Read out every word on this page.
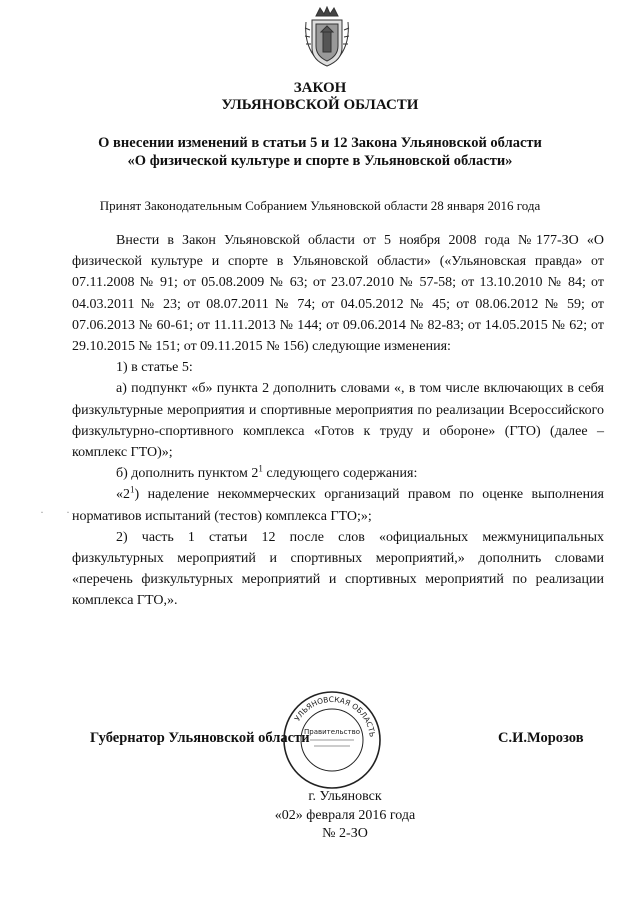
ЗАКОН
УЛЬЯНОВСКОЙ ОБЛАСТИ
О внесении изменений в статьи 5 и 12 Закона Ульяновской области
«О физической культуре и спорте в Ульяновской области»
Принят Законодательным Собранием Ульяновской области 28 января 2016 года

Внести в Закон Ульяновской области от 5 ноября 2008 года №177-ЗО «О физической культуре и спорте в Ульяновской области» («Ульяновская правда» от 07.11.2008 № 91; от 05.08.2009 № 63; от 23.07.2010 № 57-58; от 13.10.2010 № 84; от 04.03.2011 № 23; от 08.07.2011 № 74; от 04.05.2012 № 45; от 08.06.2012 № 59; от 07.06.2013 № 60-61; от 11.11.2013 № 144; от 09.06.2014 № 82-83; от 14.05.2015 № 62; от 29.10.2015 № 151; от 09.11.2015 № 156) следующие изменения:

1) в статье 5:

а) подпункт «б» пункта 2 дополнить словами «, в том числе включающих в себя физкультурные мероприятия и спортивные мероприятия по реализации Всероссийского физкультурно-спортивного комплекса «Готов к труду и обороне» (ГТО) (далее – комплекс ГТО)»;

б) дополнить пунктом $2^1$ следующего содержания:

«$2^1$) наделение некоммерческих организаций правом по оценке выполнения нормативов испытаний (тестов) комплекса ГТО;»;

2) часть 1 статьи 12 после слов «официальных межмуниципальных физкультурных мероприятий и спортивных мероприятий,» дополнить словами «перечень физкультурных мероприятий и спортивных мероприятий по реализации комплекса ГТО,».

УЛЬЯНОВСКАЯ ОБЛАСТЬ
Правительство
Губернатор Ульяновской области	С.И.Морозов
г. Ульяновск
«02» февраля 2016 года
№ 2-ЗО
· ·
